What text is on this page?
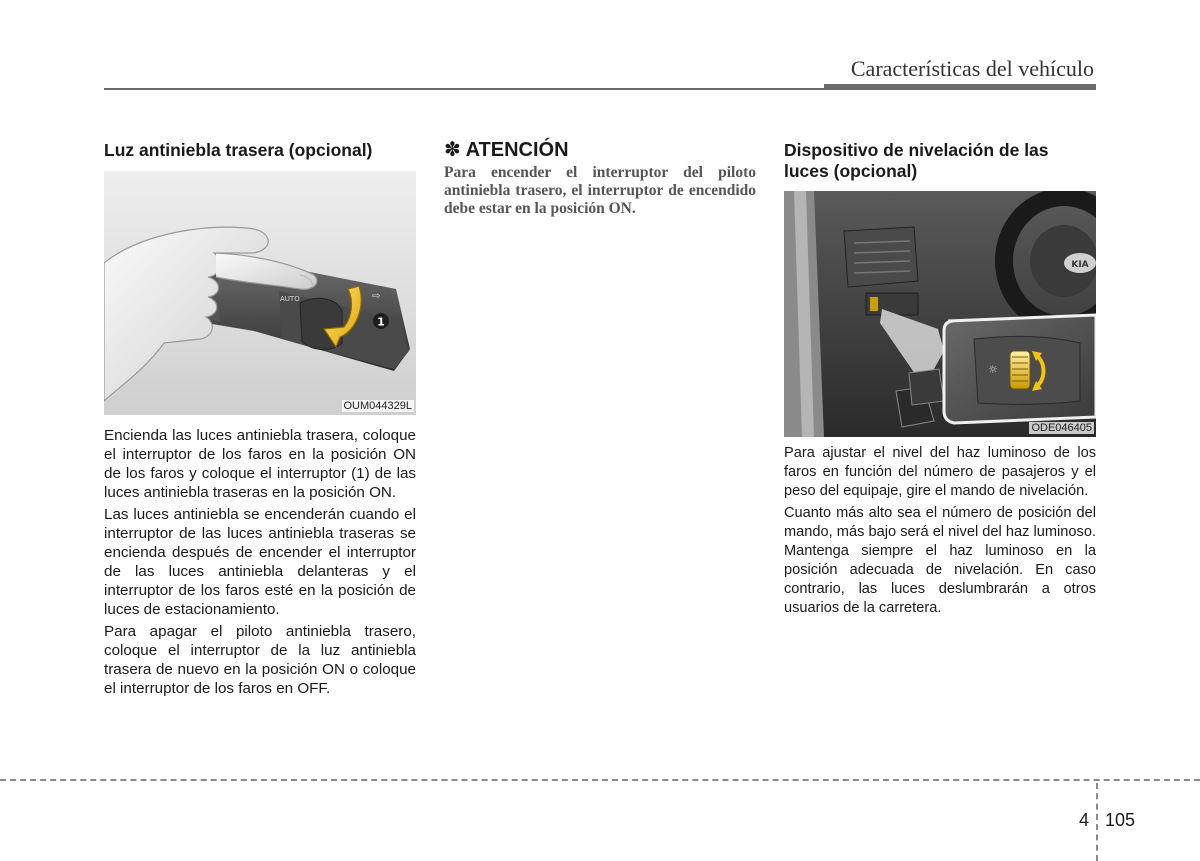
Características del vehículo
Luz antiniebla trasera (opcional)
AUTO	⇨
1
OUM044329L

Encienda las luces antiniebla trasera, coloque el interruptor de los faros en la posición ON de los faros y coloque el interruptor (1) de las luces antiniebla traseras en la posición ON.

Las luces antiniebla se encenderán cuando el interruptor de las luces antiniebla traseras se encienda después de encender el interruptor de las luces antiniebla delanteras y el interruptor de los faros esté en la posición de luces de estacionamiento.

Para apagar el piloto antiniebla trasero, coloque el interruptor de la luz antiniebla trasera de nuevo en la posición ON o coloque el interruptor de los faros en OFF.

✽ ATENCIÓN

Para encender el interruptor del piloto antiniebla trasero, el interruptor de encendido debe estar en la posición ON.

Dispositivo de nivelación de las luces (opcional)
KIA
☼
ODE046405

Para ajustar el nivel del haz luminoso de los faros en función del número de pasajeros y el peso del equipaje, gire el mando de nivelación.

Cuanto más alto sea el número de posición del mando, más bajo será el nivel del haz luminoso. Mantenga siempre el haz luminoso en la posición adecuada de nivelación. En caso contrario, las luces deslumbrarán a otros usuarios de la carretera.

4 105
